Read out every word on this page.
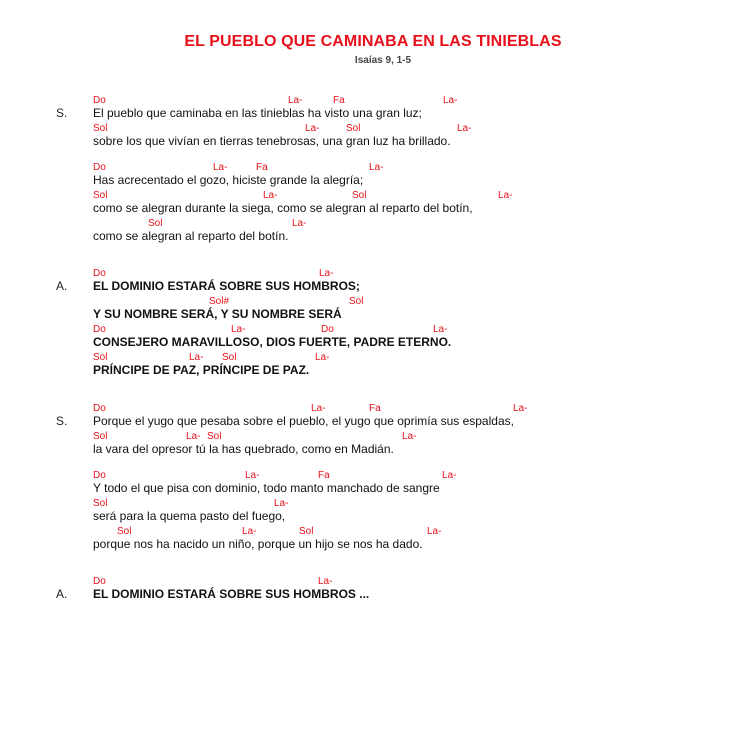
EL PUEBLO QUE CAMINABA EN LAS TINIEBLAS
Isaías 9, 1-5
S.
Do	La-	Fa	La-
El pueblo que caminaba en las tinieblas ha visto una gran luz;
Sol	La-	Sol	La-
sobre los que vivían en tierras tenebrosas, una gran luz ha brillado.
Do	La-	Fa	La-
Has acrecentado el gozo, hiciste grande la alegría;
Sol	La-	Sol	La-
como se alegran durante la siega, como se alegran al reparto del botín,
Sol	La-
como se alegran al reparto del botín.
A.
Do	La-
EL DOMINIO ESTARÁ SOBRE SUS HOMBROS;
Sol#	Sol
Y SU NOMBRE SERÁ, Y SU NOMBRE SERÁ
Do	La-	Do	La-
CONSEJERO MARAVILLOSO, DIOS FUERTE, PADRE ETERNO.
Sol	La- Sol	La-
PRÍNCIPE DE PAZ, PRÍNCIPE DE PAZ.
S.
Do	La-	Fa	La-
Porque el yugo que pesaba sobre el pueblo, el yugo que oprimía sus espaldas,
Sol	La- Sol	La-
la vara del opresor tú la has quebrado, como en Madián.
Do	La-	Fa	La-
Y todo el que pisa con dominio, todo manto manchado de sangre
Sol	La-
será para la quema pasto del fuego,
Sol	La-	Sol	La-
porque nos ha nacido un niño, porque un hijo se nos ha dado.
A.
Do	La-
EL DOMINIO ESTARÁ SOBRE SUS HOMBROS ...
